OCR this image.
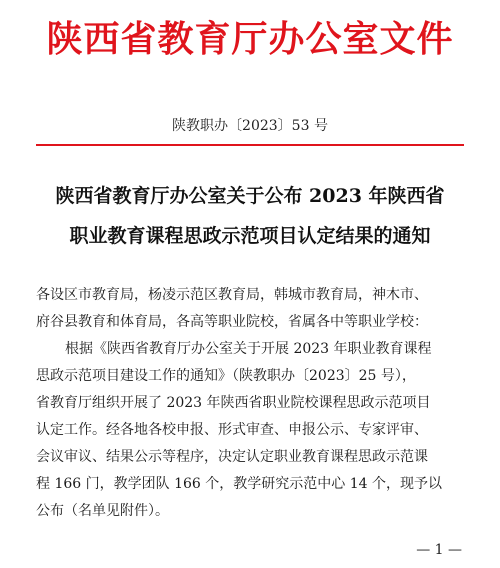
陕西省教育厅办公室文件
陕教职办〔2023〕53 号
陕西省教育厅办公室关于公布 2023 年陕西省
职业教育课程思政示范项目认定结果的通知
各设区市教育局，杨凌示范区教育局，韩城市教育局，神木市、
府谷县教育和体育局，各高等职业院校，省属各中等职业学校：
根据《陕西省教育厅办公室关于开展 2023 年职业教育课程
思政示范项目建设工作的通知》（陕教职办〔2023〕25 号），
省教育厅组织开展了 2023 年陕西省职业院校课程思政示范项目
认定工作。经各地各校申报、形式审查、申报公示、专家评审、
会议审议、结果公示等程序，决定认定职业教育课程思政示范课
程 166 门，教学团队 166 个，教学研究示范中心 14 个，现予以
公布（名单见附件）。
— 1 —
